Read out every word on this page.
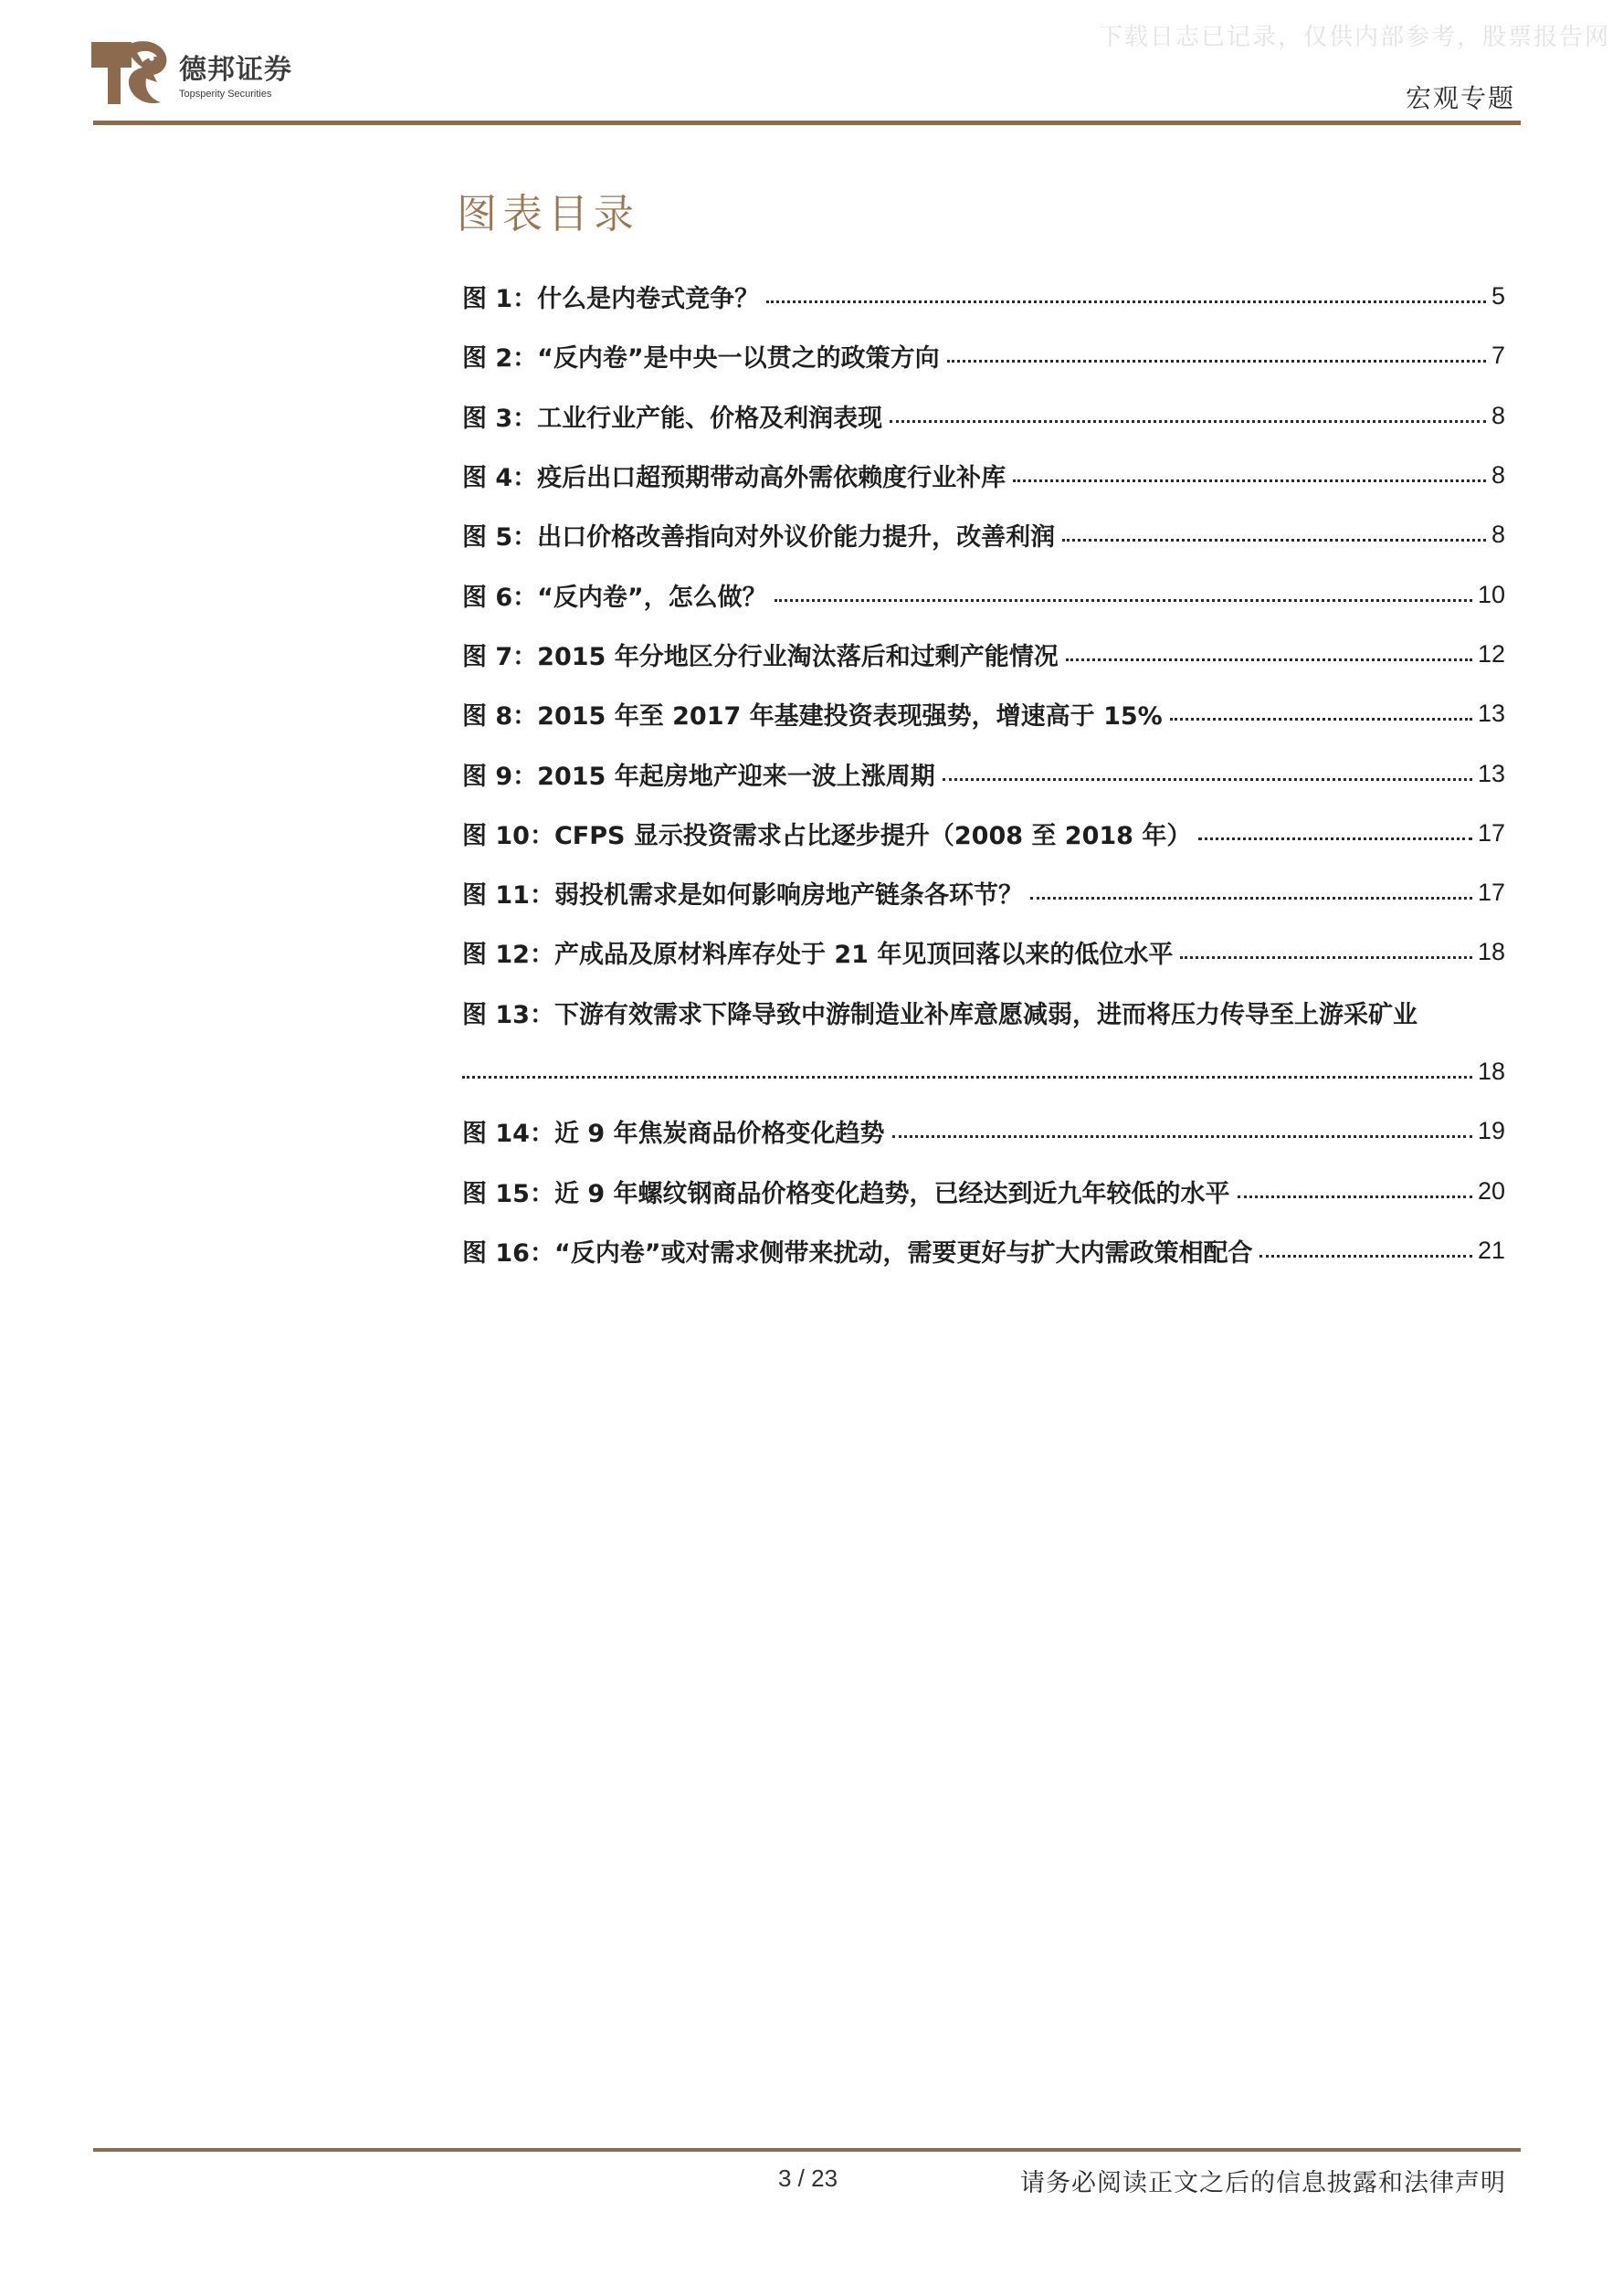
下载日志已记录，仅供内部参考，股票报告网
德邦证券
Topsperity Securities	宏观专题
图表目录
图 1：什么是内卷式竞争？	5
图 2：“反内卷”是中央一以贯之的政策方向	7
图 3：工业行业产能、价格及利润表现	8
图 4：疫后出口超预期带动高外需依赖度行业补库	8
图 5：出口价格改善指向对外议价能力提升，改善利润	8
图 6：“反内卷”，怎么做？	10
图 7：2015 年分地区分行业淘汰落后和过剩产能情况	12
图 8：2015 年至 2017 年基建投资表现强势，增速高于 15%	13
图 9：2015 年起房地产迎来一波上涨周期	13
图 10：CFPS 显示投资需求占比逐步提升（2008 至 2018 年）	17
图 11：弱投机需求是如何影响房地产链条各环节？	17
图 12：产成品及原材料库存处于 21 年见顶回落以来的低位水平	18
图 13：下游有效需求下降导致中游制造业补库意愿减弱，进而将压力传导至上游采矿业
18
图 14：近 9 年焦炭商品价格变化趋势	19
图 15：近 9 年螺纹钢商品价格变化趋势，已经达到近九年较低的水平	20
图 16：“反内卷”或对需求侧带来扰动，需要更好与扩大内需政策相配合	21
3 / 23	请务必阅读正文之后的信息披露和法律声明
